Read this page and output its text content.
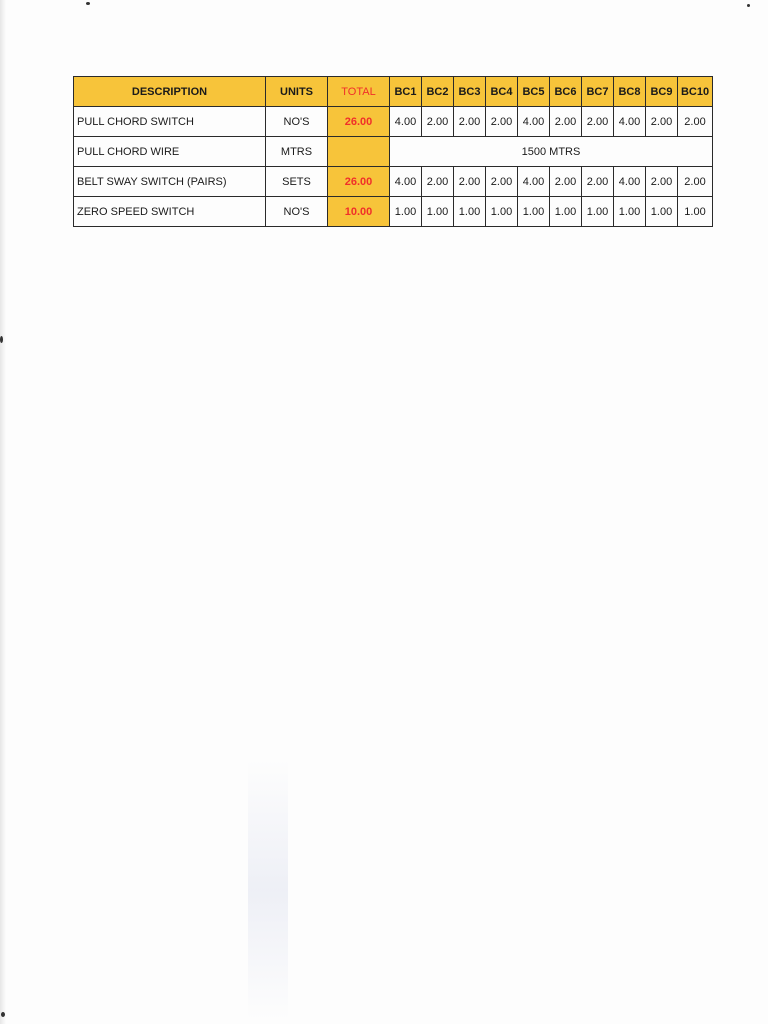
DESCRIPTION	UNITS	TOTAL	BC1	BC2	BC3	BC4	BC5	BC6	BC7	BC8	BC9	BC10
PULL CHORD SWITCH	NO'S	26.00	4.00	2.00	2.00	2.00	4.00	2.00	2.00	4.00	2.00	2.00
PULL CHORD WIRE	MTRS		1500 MTRS									
BELT SWAY SWITCH (PAIRS)	SETS	26.00	4.00	2.00	2.00	2.00	4.00	2.00	2.00	4.00	2.00	2.00
ZERO SPEED SWITCH	NO'S	10.00	1.00	1.00	1.00	1.00	1.00	1.00	1.00	1.00	1.00	1.00
